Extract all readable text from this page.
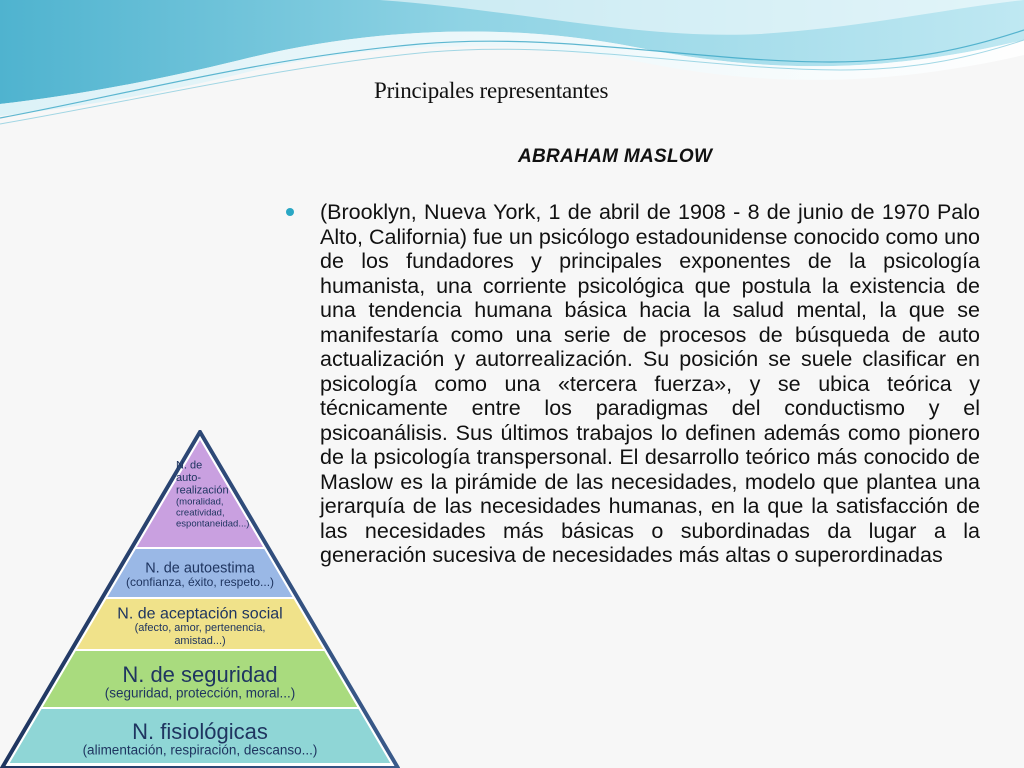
Principales representantes
ABRAHAM MASLOW

(Brooklyn, Nueva York, 1 de abril de 1908 - 8 de junio de 1970 Palo Alto, California) fue un psicólogo estadounidense conocido como uno de los fundadores y principales exponentes de la psicología humanista, una corriente psicológica que postula la existencia de una tendencia humana básica hacia la salud mental, la que se manifestaría como una serie de procesos de búsqueda de auto actualización y autorrealización. Su posición se suele clasificar en psicología como una «tercera fuerza», y se ubica teórica y técnicamente entre los paradigmas del conductismo y el psicoanálisis. Sus últimos trabajos lo definen además como pionero de la psicología transpersonal. El desarrollo teórico más conocido de Maslow es la pirámide de las necesidades, modelo que plantea una jerarquía de las necesidades humanas, en la que la satisfacción de las necesidades más básicas o subordinadas da lugar a la generación sucesiva de necesidades más altas o superordinadas

N. de
auto-
realización
(moralidad,
creatividad,
espontaneidad...)
N. de autoestima
(confianza, éxito, respeto...)
N. de aceptación social
(afecto, amor, pertenencia,
amistad...)
N. de seguridad
(seguridad, protección, moral...)
N. fisiológicas
(alimentación, respiración, descanso...)
